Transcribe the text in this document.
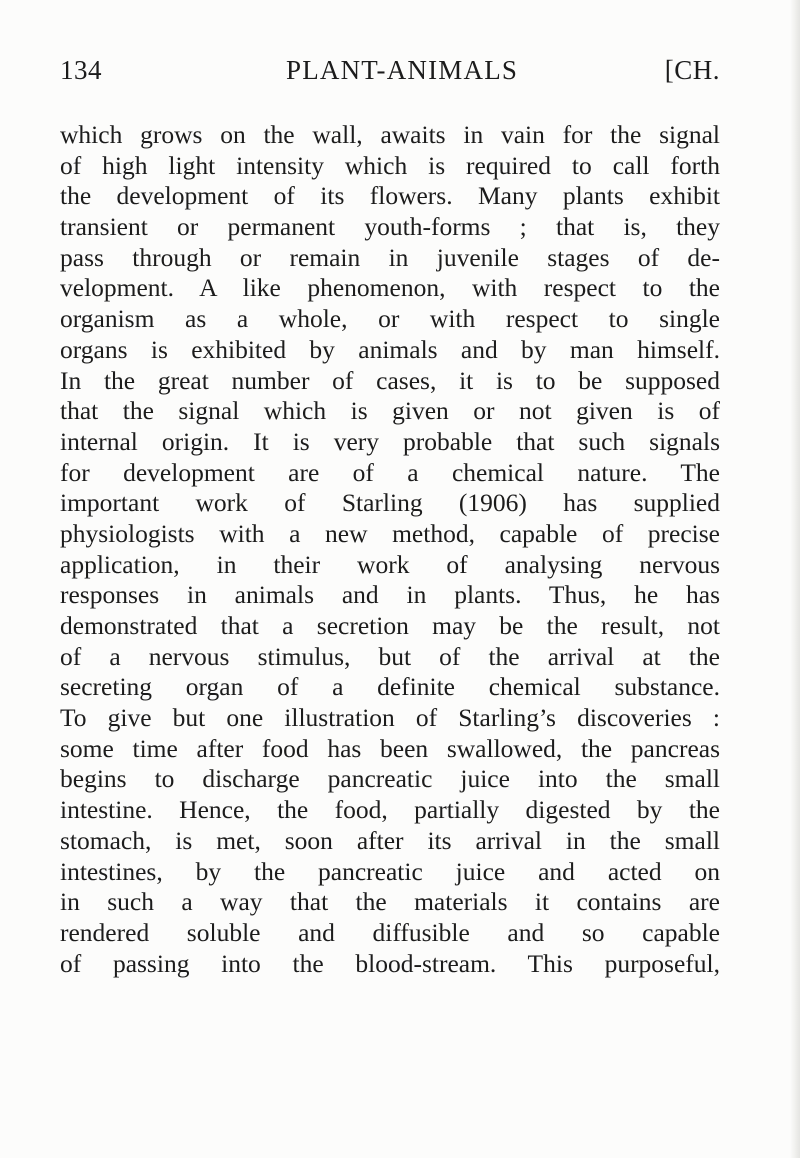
134	PLANT-ANIMALS	[CH.
which grows on the wall, awaits in vain for the signal
of high light intensity which is required to call forth
the development of its flowers. Many plants exhibit
transient or permanent youth-forms ; that is, they
pass through or remain in juvenile stages of de-
velopment. A like phenomenon, with respect to the
organism as a whole, or with respect to single
organs is exhibited by animals and by man himself.
In the great number of cases, it is to be supposed
that the signal which is given or not given is of
internal origin. It is very probable that such signals
for development are of a chemical nature. The
important work of Starling (1906) has supplied
physiologists with a new method, capable of precise
application, in their work of analysing nervous
responses in animals and in plants. Thus, he has
demonstrated that a secretion may be the result, not
of a nervous stimulus, but of the arrival at the
secreting organ of a definite chemical substance.
To give but one illustration of Starling’s discoveries :
some time after food has been swallowed, the pancreas
begins to discharge pancreatic juice into the small
intestine. Hence, the food, partially digested by the
stomach, is met, soon after its arrival in the small
intestines, by the pancreatic juice and acted on
in such a way that the materials it contains are
rendered soluble and diffusible and so capable
of passing into the blood-stream. This purposeful,
